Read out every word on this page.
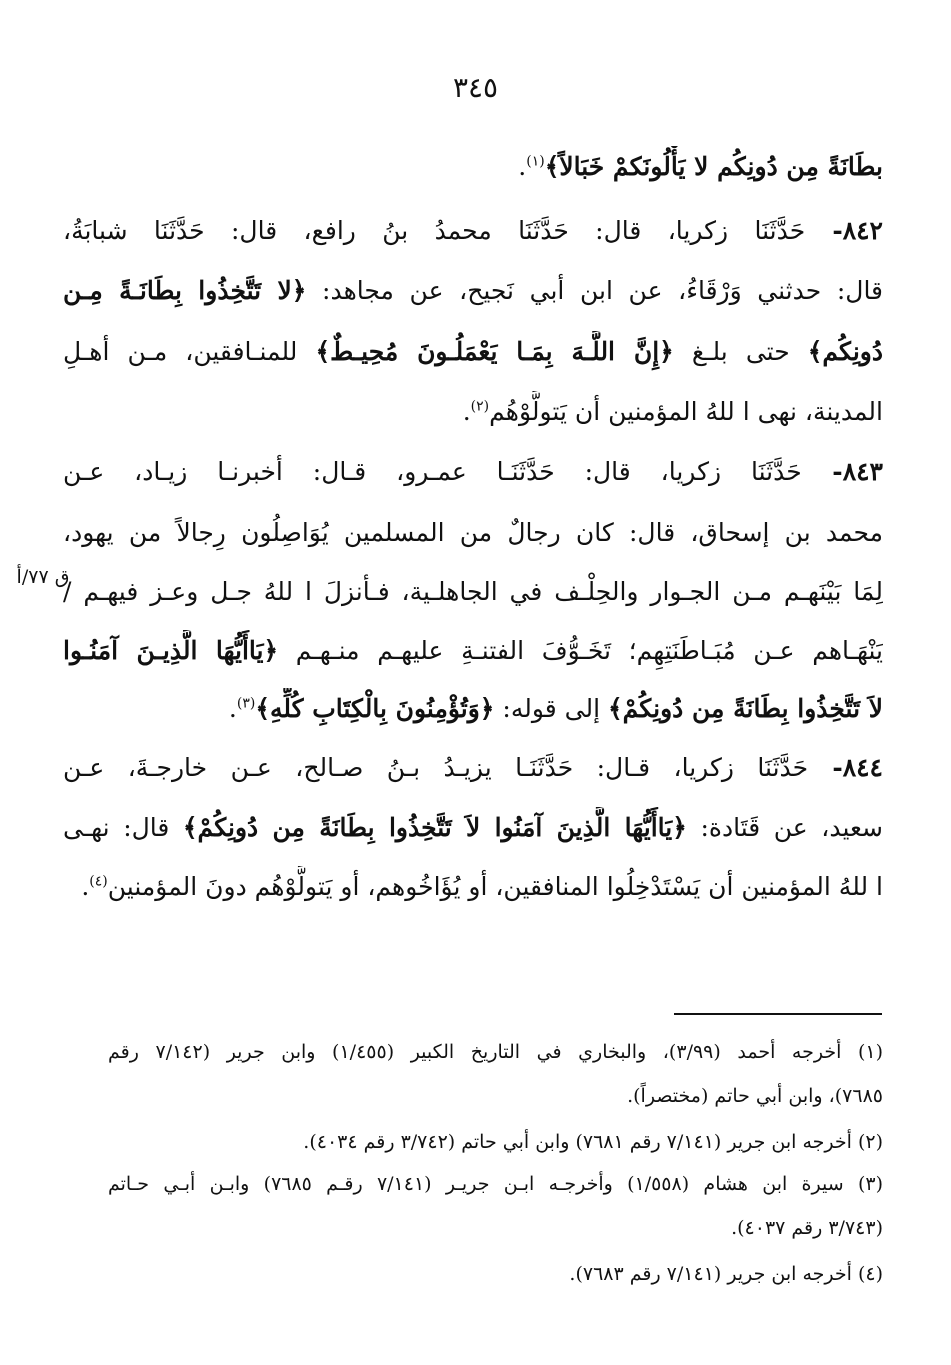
٣٤٥
بطَانَةً مِن دُونِكُم لا يَأْلُونَكمْ خَبَالاً﴾$^{(١)}$.
٨٤٢- حَدَّثَنَا زكريا، قال: حَدَّثَنَا محمدُ بنُ رافع، قال: حَدَّثَنَا شبابَةُ،
قال: حدثني وَرْقَاءُ، عن ابن أبي نَجيح، عن مجاهد: ﴿لا تَتَّخِذُوا بِطَانَـةً مِـن
دُونِكُم﴾ حتى بلـغ ﴿إِنَّ اللَّـهَ بِمَـا يَعْمَلُـونَ مُحِيـطٌ﴾ للمنـافقين، مـن أهـلِ
المدينة، نهى ا للهُ المؤمنين أن يَتولَّوْهُم$^{(٢)}$.
٨٤٣- حَدَّثَنَا زكريا، قال: حَدَّثَنَـا عمـرو، قـال: أخبرنـا زيـاد، عـن
محمد بن إسحاق، قال: كان رجالٌ من المسلمين يُوَاصِلُون رِجالاً من يهود،
لِمَا بَيْنَهـم مـن الجـوار والحِلْـف في الجاهلـية، فـأنزلَ ا للهُ جـل وعـز فيهـم /
يَنْهَـاهم عـن مُبَـاطَنَتِهِم؛ تَخَـوُّفَ الفتنـةِ عليهـم منـهـم ﴿يَاأَيُّهَا الَّذِيـنَ آمَنُـوا
لاَ تَتَّخِذُوا بِطَانَةً مِن دُونِكُمْ﴾ إلى قوله: ﴿وَتُؤْمِنُونَ بِالْكِتَابِ كُلِّهِ﴾$^{(٣)}$.
٨٤٤- حَدَّثَنَا زكريا، قـال: حَدَّثَنَـا يزيـدُ بـنُ صـالح، عـن خارجـةَ، عـن
سعيد، عن قَتَادة: ﴿يَاأَيُّهَا الَّذِينَ آمَنُوا لاَ تَتَّخِذُوا بِطَانَةً مِن دُونِكُمْ﴾ قال: نهـى
ا للهُ المؤمنين أن يَسْتَدْخِلُوا المنافقين، أو يُؤَاخُوهم، أو يَتولَّوْهُم دونَ المؤمنين$^{(٤)}$.
ق ٧٧/أ
(١) أخرجه أحمد (٣/٩٩)، والبخاري في التاريخ الكبير (١/٤٥٥) وابن جرير (٧/١٤٢ رقم
٧٦٨٥)، وابن أبي حاتم (مختصراً).
(٢) أخرجه ابن جرير (٧/١٤١ رقم ٧٦٨١) وابن أبي حاتم (٣/٧٤٢ رقم ٤٠٣٤).
(٣) سيرة ابن هشام (١/٥٥٨) وأخرجـه ابـن جريـر (٧/١٤١ رقـم ٧٦٨٥) وابـن أبـي حـاتم
(٣/٧٤٣ رقم ٤٠٣٧).
(٤) أخرجه ابن جرير (٧/١٤١ رقم ٧٦٨٣).
